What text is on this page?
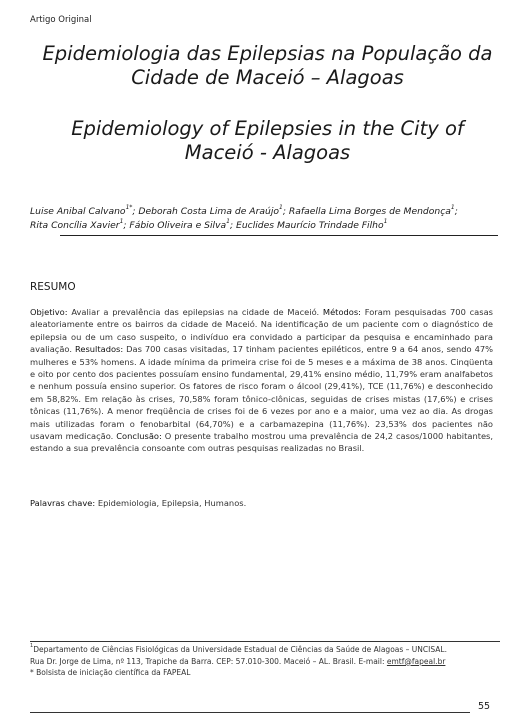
Artigo Original
Epidemiologia das Epilepsias na População da
Cidade de Maceió – Alagoas
Epidemiology of Epilepsies in the City of
Maceió - Alagoas
Luise Anibal Calvano$^{1*}$; Deborah Costa Lima de Araújo$^1$; Rafaella Lima Borges de Mendonça$^1$;
Rita Concília Xavier$^1$; Fábio Oliveira e Silva$^1$; Euclides Maurício Trindade Filho$^1$
RESUMO

Objetivo: Avaliar a prevalência das epilepsias na cidade de Maceió. Métodos: Foram pesquisadas 700 casas aleatoriamente entre os bairros da cidade de Maceió. Na identificação de um paciente com o diagnóstico de epilepsia ou de um caso suspeito, o indivíduo era convidado a participar da pesquisa e encaminhado para avaliação. Resultados: Das 700 casas visitadas, 17 tinham pacientes epiléticos, entre 9 a 64 anos, sendo 47% mulheres e 53% homens. A idade mínima da primeira crise foi de 5 meses e a máxima de 38 anos. Cinqüenta e oito por cento dos pacientes possuíam ensino fundamental, 29,41% ensino médio, 11,79% eram analfabetos e nenhum possuía ensino superior. Os fatores de risco foram o álcool (29,41%), TCE (11,76%) e desconhecido em 58,82%. Em relação às crises, 70,58% foram tônico-clônicas, seguidas de crises mistas (17,6%) e crises tônicas (11,76%). A menor freqüência de crises foi de 6 vezes por ano e a maior, uma vez ao dia. As drogas mais utilizadas foram o fenobarbital (64,70%) e a carbamazepina (11,76%). 23,53% dos pacientes não usavam medicação. Conclusão: O presente trabalho mostrou uma prevalência de 24,2 casos/1000 habitantes, estando a sua prevalência consoante com outras pesquisas realizadas no Brasil.

Palavras chave: Epidemiologia, Epilepsia, Humanos.
$^1$Departamento de Ciências Fisiológicas da Universidade Estadual de Ciências da Saúde de Alagoas – UNCISAL.
Rua Dr. Jorge de Lima, nº 113, Trapiche da Barra. CEP: 57.010-300. Maceió – AL. Brasil. E-mail: emtf@fapeal.br
* Bolsista de iniciação científica da FAPEAL
55
